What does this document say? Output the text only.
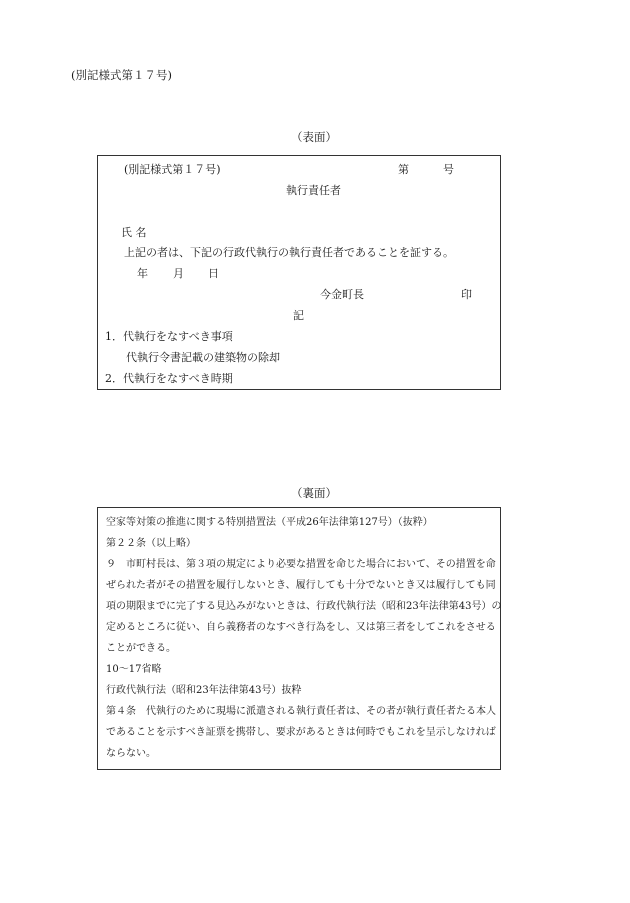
(別記様式第１７号)
（表面）
(別記様式第１７号)	第	号
執行責任者
氏 名
上記の者は、下記の行政代執行の執行責任者であることを証する。
年 月 日
今金町長	印
記
1．代執行をなすべき事項
代執行令書記載の建築物の除却
2．代執行をなすべき時期
（裏面）
空家等対策の推進に関する特別措置法（平成26年法律第127号）（抜粋）
第２２条（以上略）
９　市町村長は、第３項の規定により必要な措置を命じた場合において、その措置を命
ぜられた者がその措置を履行しないとき、履行しても十分でないとき又は履行しても同
項の期限までに完了する見込みがないときは、行政代執行法（昭和23年法律第43号）の
定めるところに従い、自ら義務者のなすべき行為をし、又は第三者をしてこれをさせる
ことができる。
10〜17省略
行政代執行法（昭和23年法律第43号）抜粋
第４条　代執行のために現場に派遣される執行責任者は、その者が執行責任者たる本人
であることを示すべき証票を携帯し、要求があるときは何時でもこれを呈示しなければ
ならない。
